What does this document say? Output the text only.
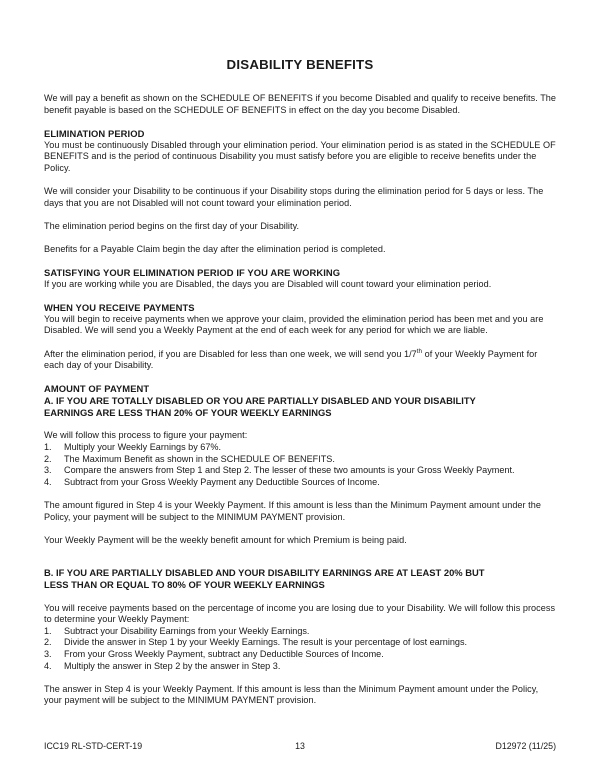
DISABILITY BENEFITS

We will pay a benefit as shown on the SCHEDULE OF BENEFITS if you become Disabled and qualify to receive benefits. The benefit payable is based on the SCHEDULE OF BENEFITS in effect on the day you become Disabled.

ELIMINATION PERIOD

You must be continuously Disabled through your elimination period. Your elimination period is as stated in the SCHEDULE OF BENEFITS and is the period of continuous Disability you must satisfy before you are eligible to receive benefits under the Policy.

We will consider your Disability to be continuous if your Disability stops during the elimination period for 5 days or less. The days that you are not Disabled will not count toward your elimination period.

The elimination period begins on the first day of your Disability.

Benefits for a Payable Claim begin the day after the elimination period is completed.

SATISFYING YOUR ELIMINATION PERIOD IF YOU ARE WORKING

If you are working while you are Disabled, the days you are Disabled will count toward your elimination period.

WHEN YOU RECEIVE PAYMENTS

You will begin to receive payments when we approve your claim, provided the elimination period has been met and you are Disabled. We will send you a Weekly Payment at the end of each week for any period for which we are liable.

After the elimination period, if you are Disabled for less than one week, we will send you 1/7th of your Weekly Payment for each day of your Disability.

AMOUNT OF PAYMENT
A. IF YOU ARE TOTALLY DISABLED OR YOU ARE PARTIALLY DISABLED AND YOUR DISABILITY
EARNINGS ARE LESS THAN 20% OF YOUR WEEKLY EARNINGS

We will follow this process to figure your payment:

1.	Multiply your Weekly Earnings by 67%.
2.	The Maximum Benefit as shown in the SCHEDULE OF BENEFITS.
3.	Compare the answers from Step 1 and Step 2. The lesser of these two amounts is your Gross Weekly Payment.
4.	Subtract from your Gross Weekly Payment any Deductible Sources of Income.

The amount figured in Step 4 is your Weekly Payment. If this amount is less than the Minimum Payment amount under the Policy, your payment will be subject to the MINIMUM PAYMENT provision.

Your Weekly Payment will be the weekly benefit amount for which Premium is being paid.

B. IF YOU ARE PARTIALLY DISABLED AND YOUR DISABILITY EARNINGS ARE AT LEAST 20% BUT
LESS THAN OR EQUAL TO 80% OF YOUR WEEKLY EARNINGS

You will receive payments based on the percentage of income you are losing due to your Disability. We will follow this process to determine your Weekly Payment:

1.	Subtract your Disability Earnings from your Weekly Earnings.
2.	Divide the answer in Step 1 by your Weekly Earnings. The result is your percentage of lost earnings.
3.	From your Gross Weekly Payment, subtract any Deductible Sources of Income.
4.	Multiply the answer in Step 2 by the answer in Step 3.

The answer in Step 4 is your Weekly Payment. If this amount is less than the Minimum Payment amount under the Policy, your payment will be subject to the MINIMUM PAYMENT provision.

ICC19 RL-STD-CERT-19	13	D12972 (11/25)
